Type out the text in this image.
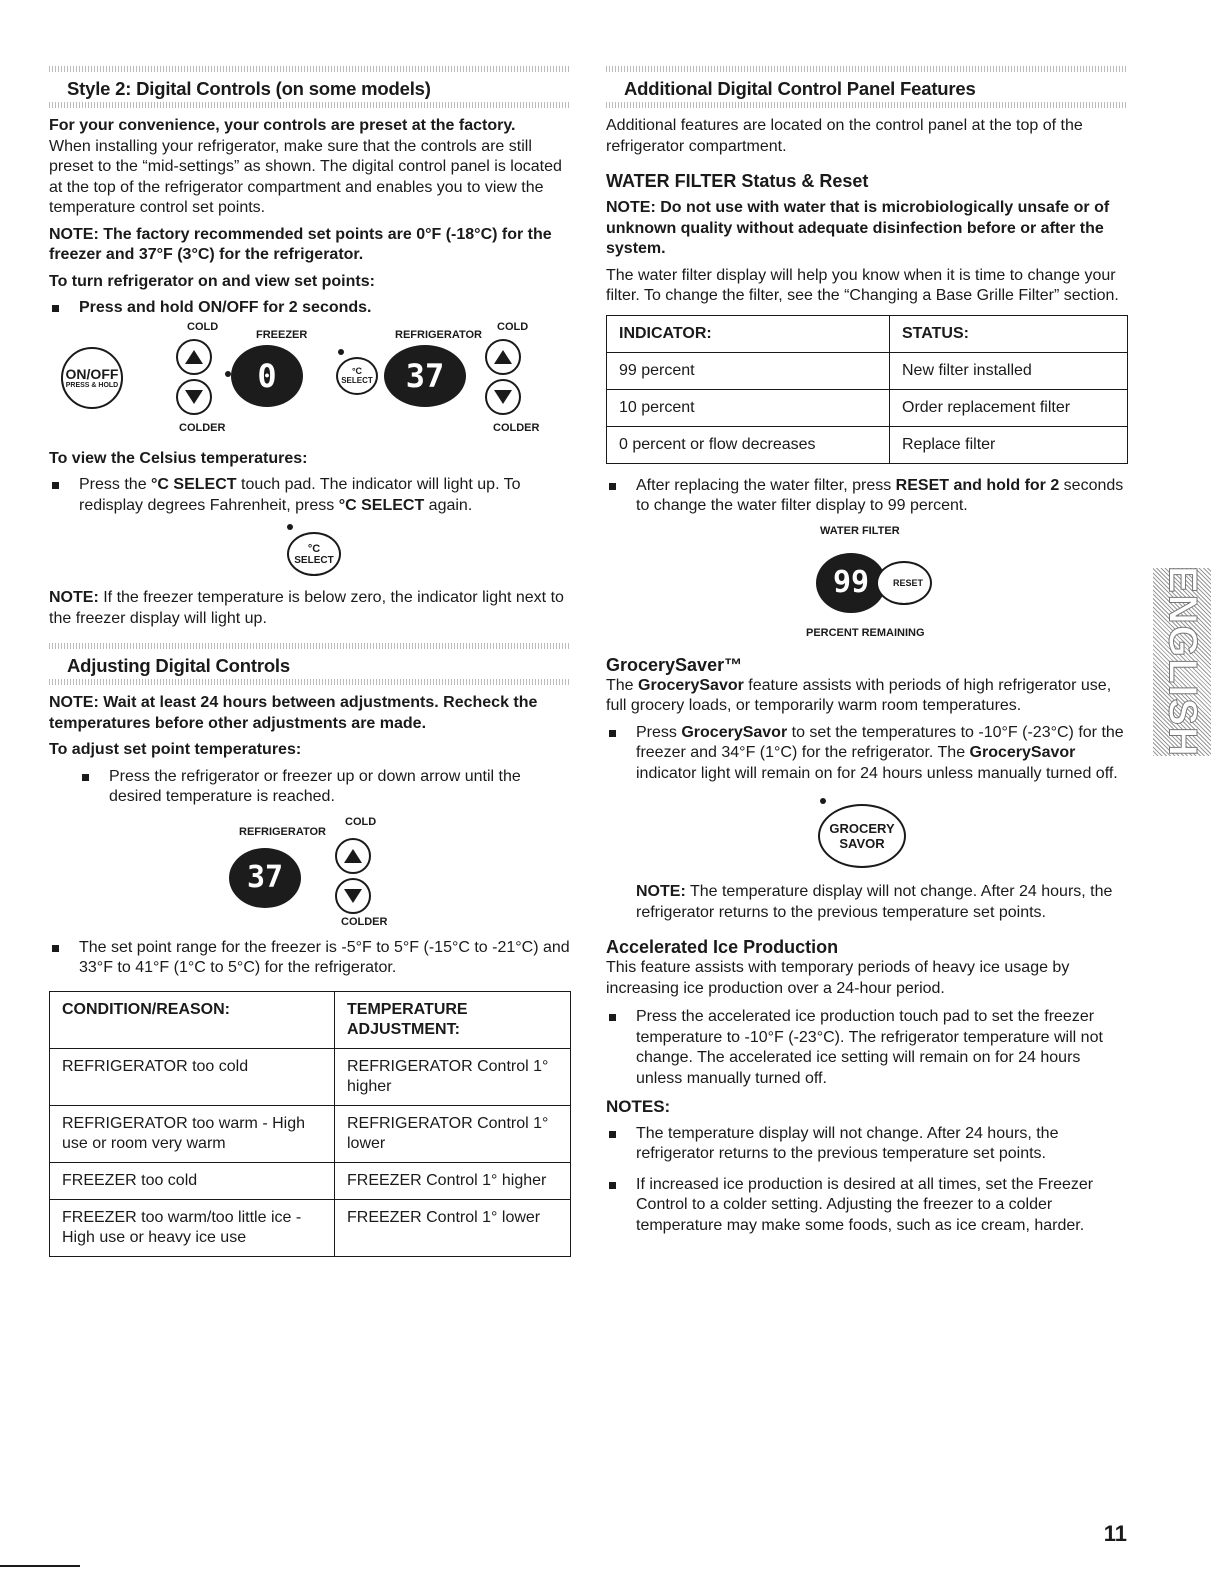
Style 2: Digital Controls (on some models)

For your convenience, your controls are preset at the factory.

When installing your refrigerator, make sure that the controls are still preset to the “mid-settings” as shown. The digital control panel is located at the top of the refrigerator compartment and enables you to view the temperature control set points.

NOTE: The factory recommended set points are 0°F (-18°C) for the freezer and 37°F (3°C) for the refrigerator.

To turn refrigerator on and view set points:

Press and hold ON/OFF for 2 seconds.
COLD
FREEZER	REFRIGERATOR
COLD
ON/OFF
PRESS & HOLD	0	°C
SELECT 37
COLDER	COLDER

To view the Celsius temperatures:

Press the °C SELECT touch pad. The indicator will light up. To redisplay degrees Fahrenheit, press °C SELECT again.
°C
SELECT

NOTE: If the freezer temperature is below zero, the indicator light next to the freezer display will light up.

Adjusting Digital Controls

NOTE: Wait at least 24 hours between adjustments. Recheck the temperatures before other adjustments are made.

To adjust set point temperatures:

Press the refrigerator or freezer up or down arrow until the desired temperature is reached.
REFRIGERATOR
COLD
37
COLDER
The set point range for the freezer is -5°F to 5°F (-15°C to -21°C) and 33°F to 41°F (1°C to 5°C) for the refrigerator.
CONDITION/REASON:	TEMPERATURE ADJUSTMENT:
REFRIGERATOR too cold	REFRIGERATOR Control 1° higher
REFRIGERATOR too warm - High use or room very warm	REFRIGERATOR Control 1° lower
FREEZER too cold	FREEZER Control 1° higher
FREEZER too warm/too little ice - High use or heavy ice use	FREEZER Control 1° lower
Additional Digital Control Panel Features

Additional features are located on the control panel at the top of the refrigerator compartment.

WATER FILTER Status & Reset

NOTE: Do not use with water that is microbiologically unsafe or of unknown quality without adequate disinfection before or after the system.

The water filter display will help you know when it is time to change your filter. To change the filter, see the “Changing a Base Grille Filter” section.

INDICATOR:	STATUS:
99 percent	New filter installed
10 percent	Order replacement filter
0 percent or flow decreases	Replace filter
After replacing the water filter, press RESET and hold for 2 seconds to change the water filter display to 99 percent.
WATER FILTER
99	RESET
PERCENT REMAINING
GrocerySaver™

The GrocerySavor feature assists with periods of high refrigerator use, full grocery loads, or temporarily warm room temperatures.

Press GrocerySavor to set the temperatures to -10°F (-23°C) for the freezer and 34°F (1°C) for the refrigerator. The GrocerySavor indicator light will remain on for 24 hours unless manually turned off.
GROCERY
SAVOR

NOTE: The temperature display will not change. After 24 hours, the refrigerator returns to the previous temperature set points.

Accelerated Ice Production

This feature assists with temporary periods of heavy ice usage by increasing ice production over a 24-hour period.

Press the accelerated ice production touch pad to set the freezer temperature to -10°F (-23°C). The refrigerator temperature will not change. The accelerated ice setting will remain on for 24 hours unless manually turned off.

NOTES:

The temperature display will not change. After 24 hours, the refrigerator returns to the previous temperature set points.
If increased ice production is desired at all times, set the Freezer Control to a colder setting. Adjusting the freezer to a colder temperature may make some foods, such as ice cream, harder.
ENGLISH
11
